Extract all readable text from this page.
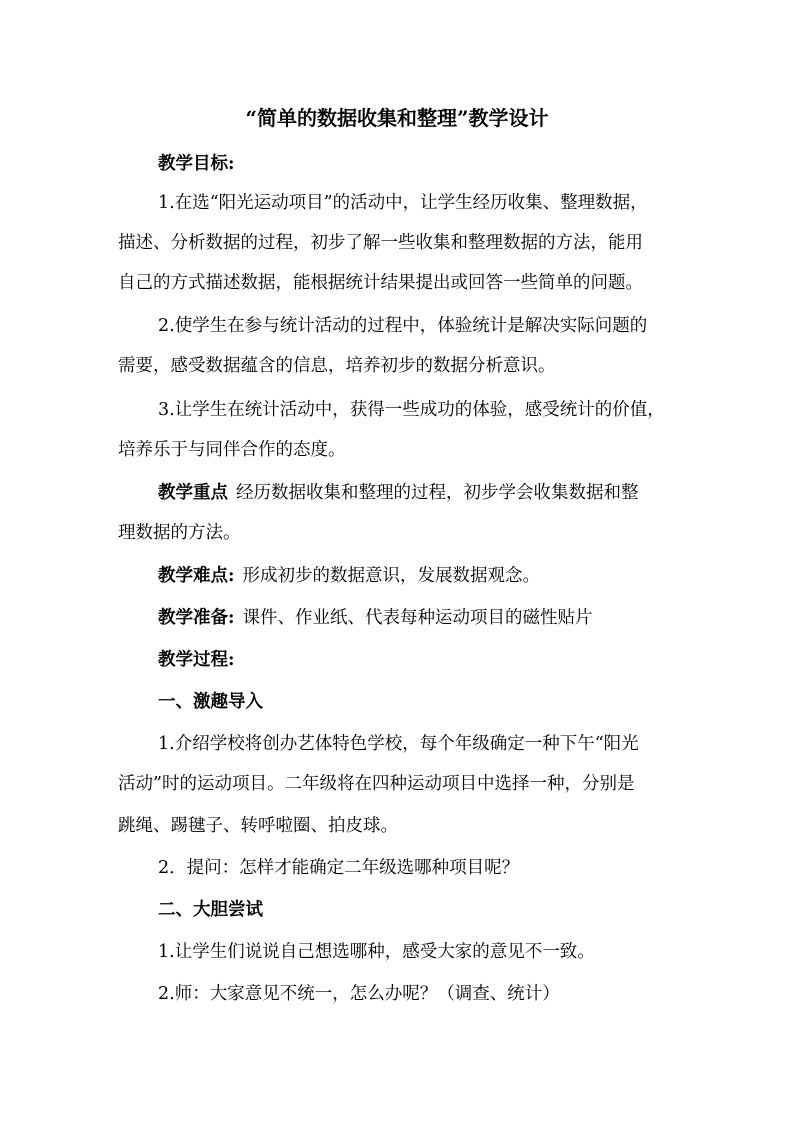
“简单的数据收集和整理”教学设计
教学目标:
1.在选“阳光运动项目”的活动中，让学生经历收集、整理数据，
描述、分析数据的过程，初步了解一些收集和整理数据的方法，能用
自己的方式描述数据，能根据统计结果提出或回答一些简单的问题。
2.使学生在参与统计活动的过程中，体验统计是解决实际问题的
需要，感受数据蕴含的信息，培养初步的数据分析意识。
3.让学生在统计活动中，获得一些成功的体验，感受统计的价值，
培养乐于与同伴合作的态度。
教学重点 经历数据收集和整理的过程，初步学会收集数据和整
理数据的方法。
教学难点: 形成初步的数据意识，发展数据观念。
教学准备: 课件、作业纸、代表每种运动项目的磁性贴片
教学过程:
一、激趣导入
1.介绍学校将创办艺体特色学校，每个年级确定一种下午“阳光
活动”时的运动项目。二年级将在四种运动项目中选择一种，分别是
跳绳、踢毽子、转呼啦圈、拍皮球。
2．提问：怎样才能确定二年级选哪种项目呢？
二、大胆尝试
1.让学生们说说自己想选哪种，感受大家的意见不一致。
2.师：大家意见不统一，怎么办呢？（调查、统计）
